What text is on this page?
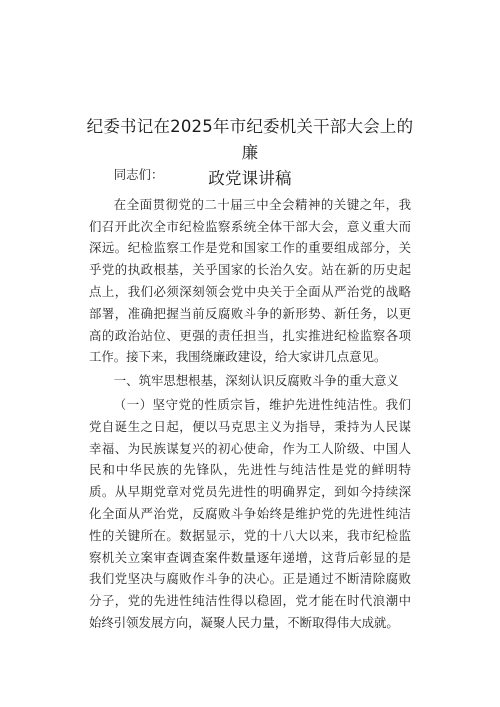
纪委书记在2025年市纪委机关干部大会上的廉
政党课讲稿

同志们：

在全面贯彻党的二十届三中全会精神的关键之年，我们召开此次全市纪检监察系统全体干部大会，意义重大而深远。纪检监察工作是党和国家工作的重要组成部分，关乎党的执政根基，关乎国家的长治久安。站在新的历史起点上，我们必须深刻领会党中央关于全面从严治党的战略部署，准确把握当前反腐败斗争的新形势、新任务，以更高的政治站位、更强的责任担当，扎实推进纪检监察各项工作。接下来，我围绕廉政建设，给大家讲几点意见。

一、筑牢思想根基，深刻认识反腐败斗争的重大意义

（一）坚守党的性质宗旨，维护先进性纯洁性。我们党自诞生之日起，便以马克思主义为指导，秉持为人民谋幸福、为民族谋复兴的初心使命，作为工人阶级、中国人民和中华民族的先锋队，先进性与纯洁性是党的鲜明特质。从早期党章对党员先进性的明确界定，到如今持续深化全面从严治党，反腐败斗争始终是维护党的先进性纯洁性的关键所在。数据显示，党的十八大以来，我市纪检监察机关立案审查调查案件数量逐年递增，这背后彰显的是我们党坚决与腐败作斗争的决心。正是通过不断清除腐败分子，党的先进性纯洁性得以稳固，党才能在时代浪潮中始终引领发展方向，凝聚人民力量，不断取得伟大成就。
